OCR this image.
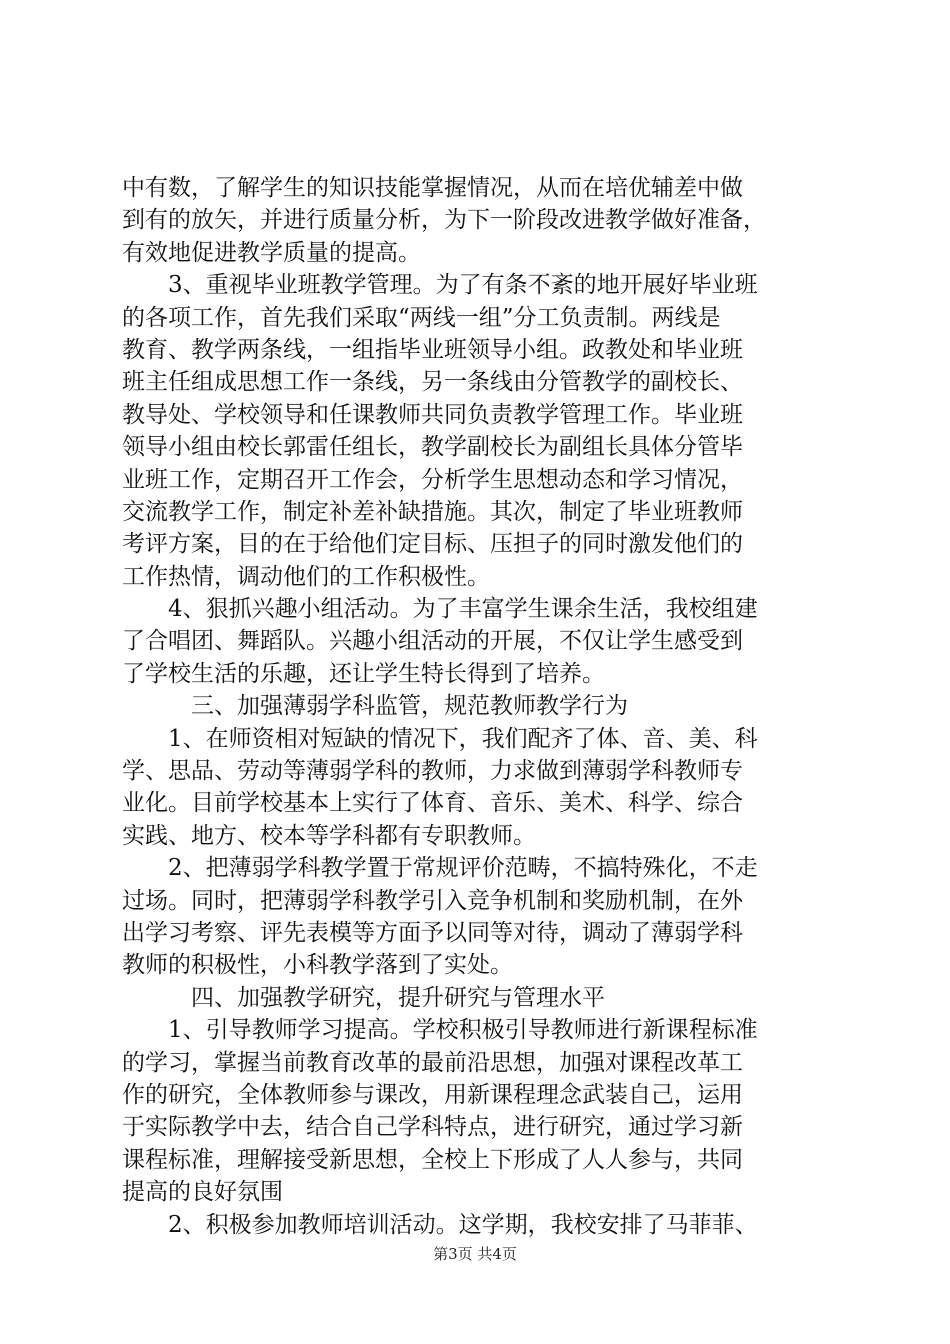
中有数，了解学生的知识技能掌握情况，从而在培优辅差中做
到有的放矢，并进行质量分析，为下一阶段改进教学做好准备，
有效地促进教学质量的提高。
3、重视毕业班教学管理。为了有条不紊的地开展好毕业班
的各项工作，首先我们采取“两线一组”分工负责制。两线是
教育、教学两条线，一组指毕业班领导小组。政教处和毕业班
班主任组成思想工作一条线，另一条线由分管教学的副校长、
教导处、学校领导和任课教师共同负责教学管理工作。毕业班
领导小组由校长郭雷任组长，教学副校长为副组长具体分管毕
业班工作，定期召开工作会，分析学生思想动态和学习情况，
交流教学工作，制定补差补缺措施。其次，制定了毕业班教师
考评方案，目的在于给他们定目标、压担子的同时激发他们的
工作热情，调动他们的工作积极性。
4、狠抓兴趣小组活动。为了丰富学生课余生活，我校组建
了合唱团、舞蹈队。兴趣小组活动的开展，不仅让学生感受到
了学校生活的乐趣，还让学生特长得到了培养。
三、加强薄弱学科监管，规范教师教学行为
1、在师资相对短缺的情况下，我们配齐了体、音、美、科
学、思品、劳动等薄弱学科的教师，力求做到薄弱学科教师专
业化。目前学校基本上实行了体育、音乐、美术、科学、综合
实践、地方、校本等学科都有专职教师。
2、把薄弱学科教学置于常规评价范畴，不搞特殊化，不走
过场。同时，把薄弱学科教学引入竞争机制和奖励机制，在外
出学习考察、评先表模等方面予以同等对待，调动了薄弱学科
教师的积极性，小科教学落到了实处。
四、加强教学研究，提升研究与管理水平
1、引导教师学习提高。学校积极引导教师进行新课程标准
的学习，掌握当前教育改革的最前沿思想，加强对课程改革工
作的研究，全体教师参与课改，用新课程理念武装自己，运用
于实际教学中去，结合自己学科特点，进行研究，通过学习新
课程标准，理解接受新思想，全校上下形成了人人参与，共同
提高的良好氛围
2、积极参加教师培训活动。这学期，我校安排了马菲菲、
第3页 共4页
